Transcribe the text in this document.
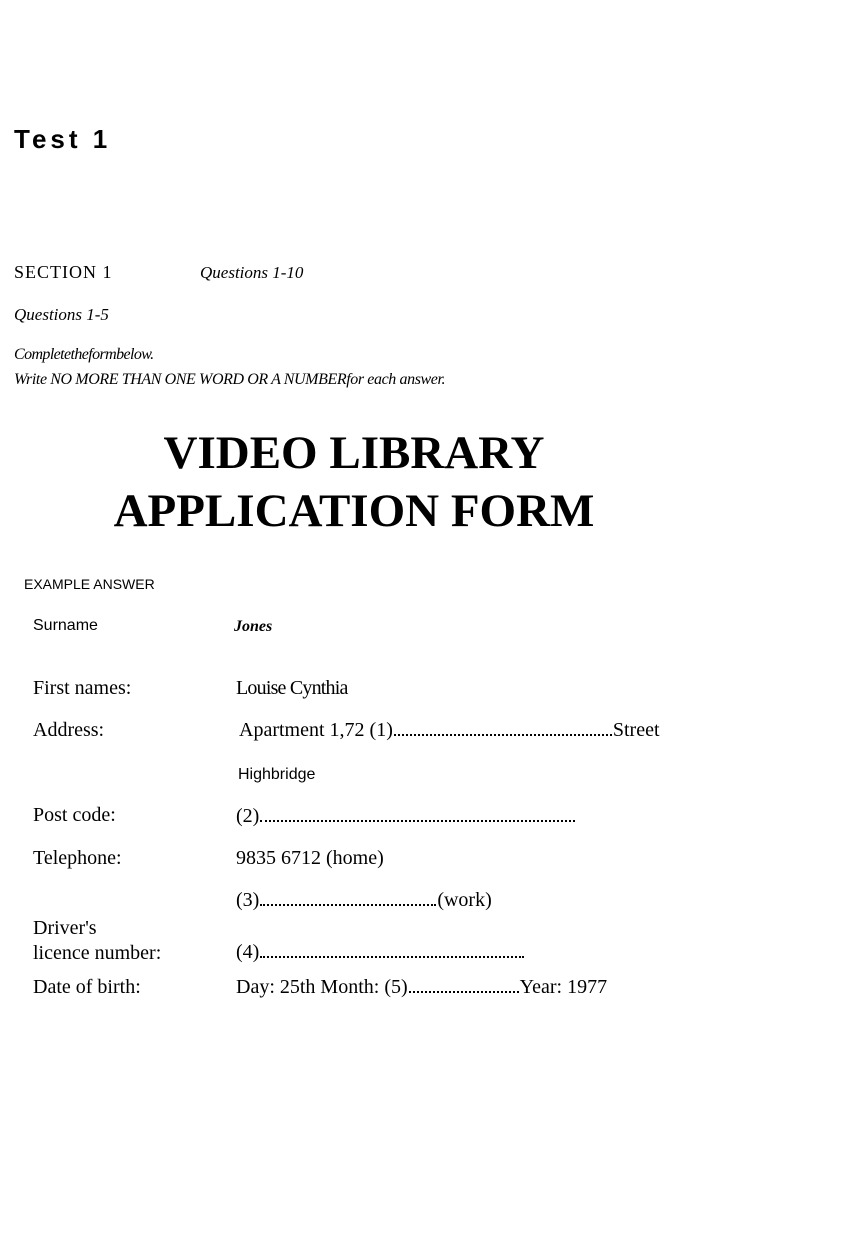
Test 1
SECTION 1	Questions 1-10
Questions 1-5
Completetheformbelow.
Write NO MORE THAN ONE WORD OR A NUMBERfor each answer.
VIDEO LIBRARY
APPLICATION FORM
EXAMPLE ANSWER
Surname	Jones
First names:	Louise Cynthia
Address:	Apartment 1,72 (1)	Street
Highbridge
Post code:	(2)
Telephone:	9835 6712 (home)
(3)	(work)
Driver's
licence number:	(4)
Date of birth:	Day: 25th Month: (5)	Year: 1977
